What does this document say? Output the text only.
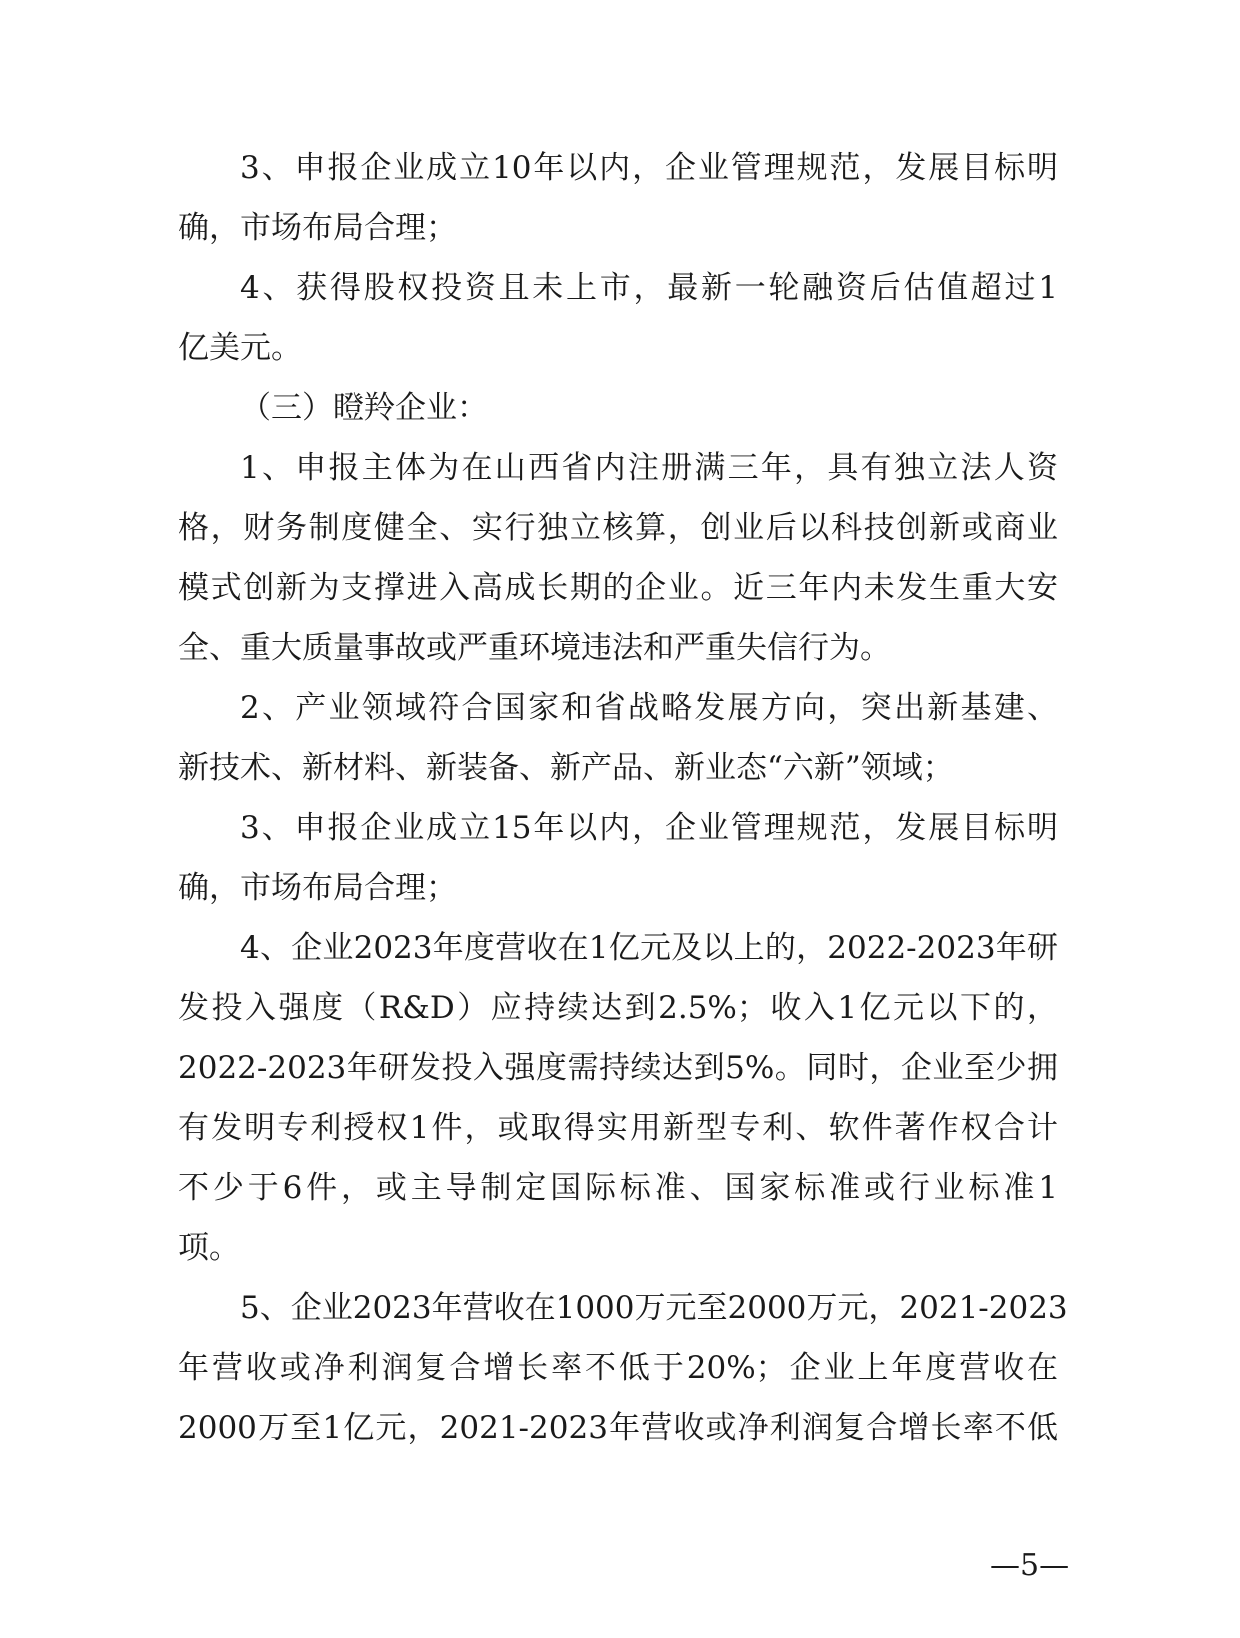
3、申报企业成立10年以内，企业管理规范，发展目标明
确，市场布局合理；
4、获得股权投资且未上市，最新一轮融资后估值超过1
亿美元。
（三）瞪羚企业：
1、申报主体为在山西省内注册满三年，具有独立法人资
格，财务制度健全、实行独立核算，创业后以科技创新或商业
模式创新为支撑进入高成长期的企业。近三年内未发生重大安
全、重大质量事故或严重环境违法和严重失信行为。
2、产业领域符合国家和省战略发展方向，突出新基建、
新技术、新材料、新装备、新产品、新业态“六新”领域；
3、申报企业成立15年以内，企业管理规范，发展目标明
确，市场布局合理；
4、企业2023年度营收在1亿元及以上的，2022-2023年研
发投入强度（R&D）应持续达到2.5%；收入1亿元以下的，
2022-2023年研发投入强度需持续达到5%。同时，企业至少拥
有发明专利授权1件，或取得实用新型专利、软件著作权合计
不少于6件，或主导制定国际标准、国家标准或行业标准1
项。
5、企业2023年营收在1000万元至2000万元，2021-2023
年营收或净利润复合增长率不低于20%；企业上年度营收在
2000万至1亿元，2021-2023年营收或净利润复合增长率不低
—5—
